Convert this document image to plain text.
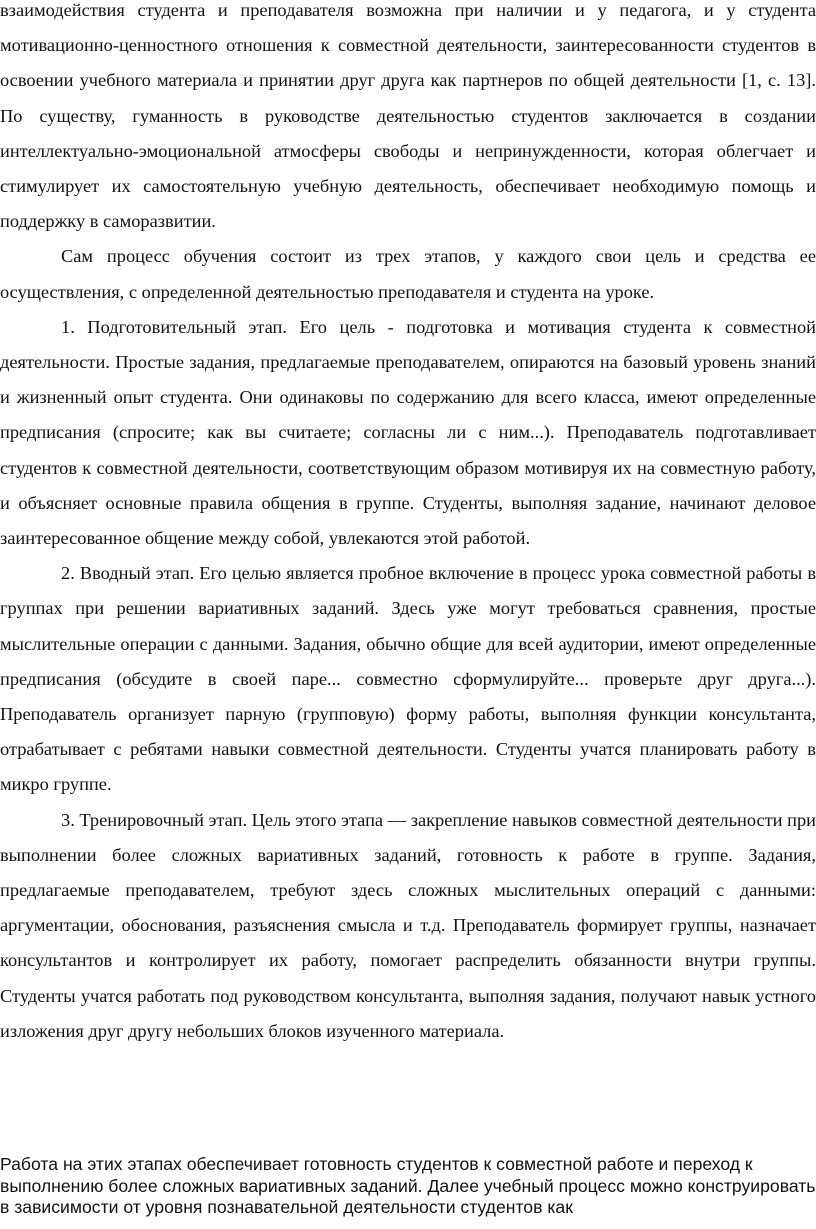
взаимодействия студента и преподавателя возможна при наличии и у педагога, и у студента мотивационно-ценностного отношения к совместной деятельности, заинтересованности студентов в освоении учебного материала и принятии друг друга как партнеров по общей деятельности [1, с. 13]. По существу, гуманность в руководстве деятельностью студентов заключается в создании интеллектуально-эмоциональной атмосферы свободы и непринужденности, которая облегчает и стимулирует их самостоятельную учебную деятельность, обеспечивает необходимую помощь и поддержку в саморазвитии.

Сам процесс обучения состоит из трех этапов, у каждого свои цель и средства ее осуществления, с определенной деятельностью преподавателя и студента на уроке.

1. Подготовительный этап. Его цель - подготовка и мотивация студента к совместной деятельности. Простые задания, предлагаемые преподавателем, опираются на базовый уровень знаний и жизненный опыт студента. Они одинаковы по содержанию для всего класса, имеют определенные предписания (спросите; как вы считаете; согласны ли с ним...). Преподаватель подготавливает студентов к совместной деятельности, соответствующим образом мотивируя их на совместную работу, и объясняет основные правила общения в группе. Студенты, выполняя задание, начинают деловое заинтересованное общение между собой, увлекаются этой работой.

2. Вводный этап. Его целью является пробное включение в процесс урока совместной работы в группах при решении вариативных заданий. Здесь уже могут требоваться сравнения, простые мыслительные операции с данными. Задания, обычно общие для всей аудитории, имеют определенные предписания (обсудите в своей паре... совместно сформулируйте... проверьте друг друга...). Преподаватель организует парную (групповую) форму работы, выполняя функции консультанта, отрабатывает с ребятами навыки совместной деятельности. Студенты учатся планировать работу в микро группе.

3. Тренировочный этап. Цель этого этапа — закрепление навыков совместной деятельности при выполнении более сложных вариативных заданий, готовность к работе в группе. Задания, предлагаемые преподавателем, требуют здесь сложных мыслительных операций с данными: аргументации, обоснования, разъяснения смысла и т.д. Преподаватель формирует группы, назначает консультантов и контролирует их работу, помогает распределить обязанности внутри группы. Студенты учатся работать под руководством консультанта, выполняя задания, получают навык устного изложения друг другу небольших блоков изученного материала.

Работа на этих этапах обеспечивает готовность студентов к совместной работе и переход к выполнению более сложных вариативных заданий. Далее учебный процесс можно конструировать в зависимости от уровня познавательной деятельности студентов как
